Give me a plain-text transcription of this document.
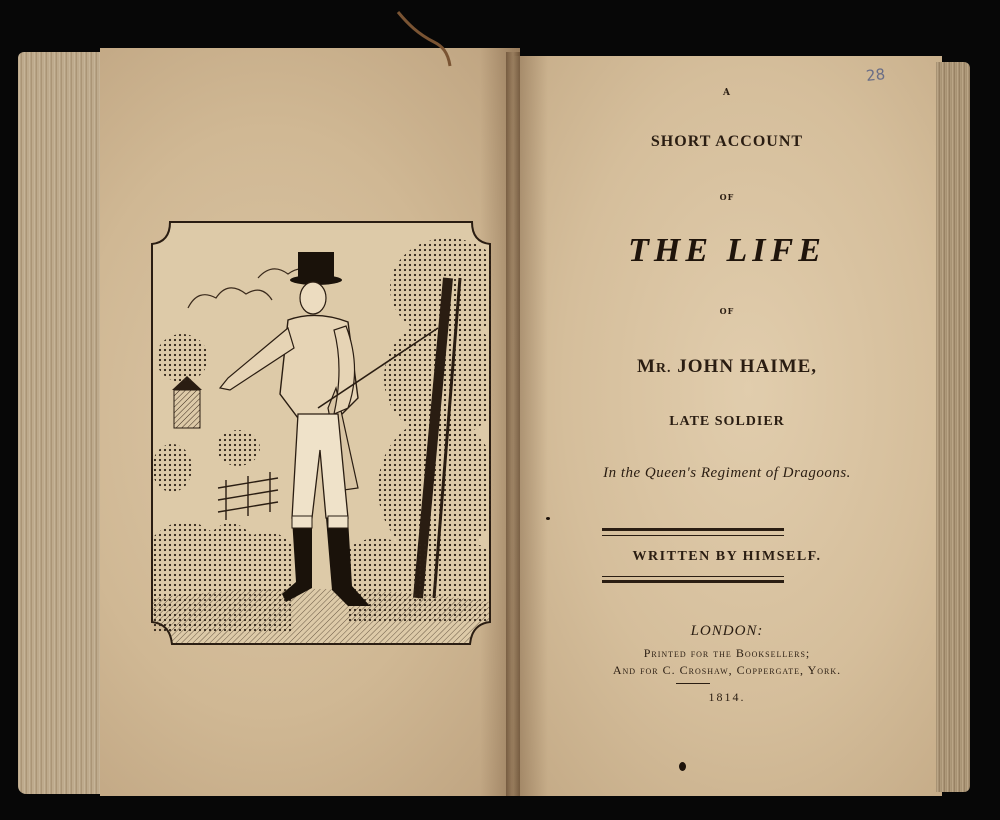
28
A
SHORT ACCOUNT
OF
THE LIFE
OF
MR. JOHN HAIME,
LATE SOLDIER
In the Queen's Regiment of Dragoons.
WRITTEN BY HIMSELF.
LONDON:
Printed for the Booksellers;
And for C. Croshaw, Coppergate, York.
1814.
